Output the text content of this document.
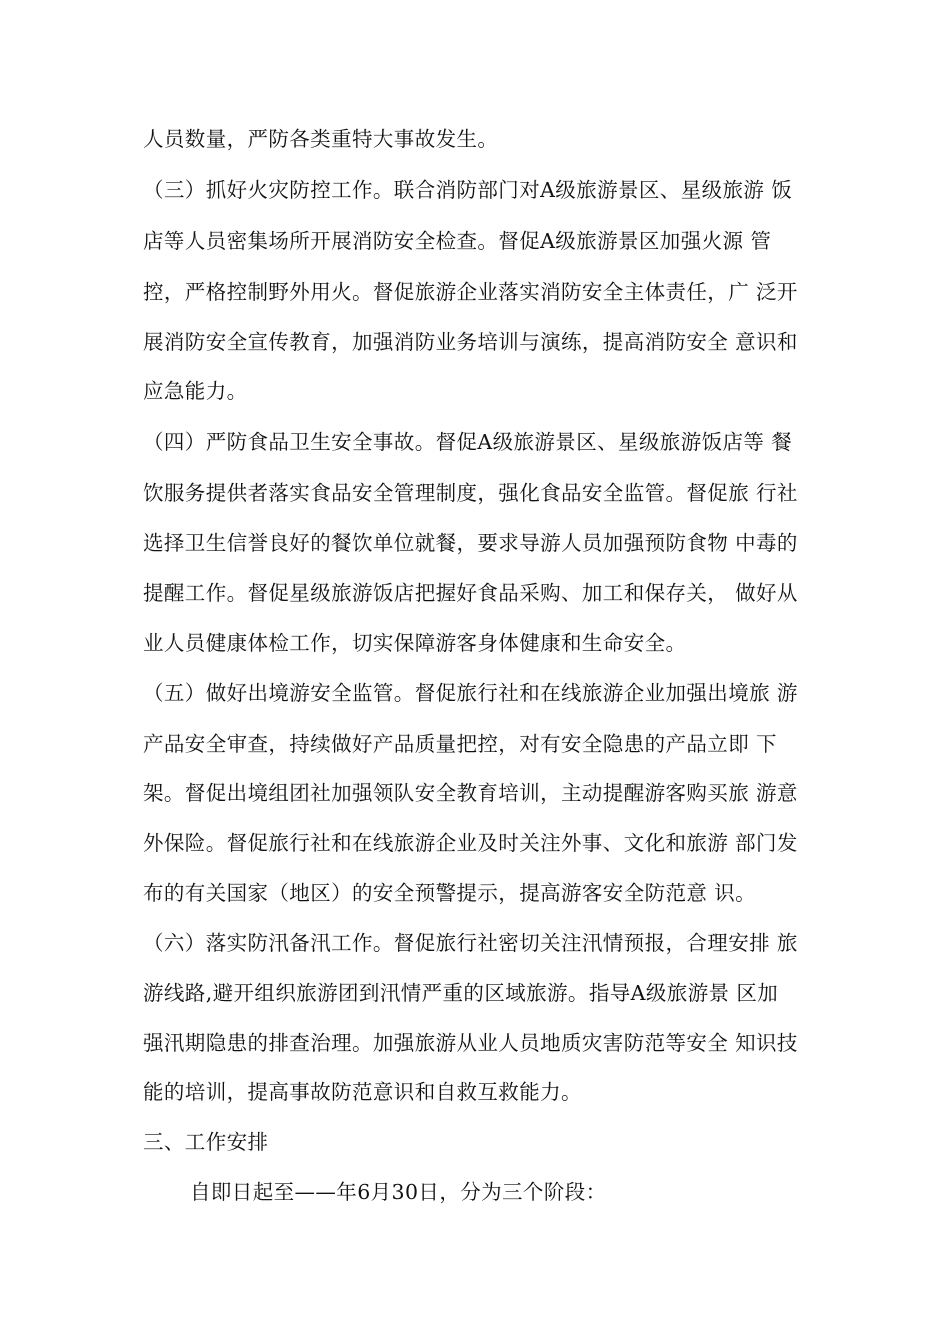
人员数量，严防各类重特大事故发生。
（三）抓好火灾防控工作。联合消防部门对A级旅游景区、星级旅游 饭
店等人员密集场所开展消防安全检查。督促A级旅游景区加强火源 管
控，严格控制野外用火。督促旅游企业落实消防安全主体责任，广 泛开
展消防安全宣传教育，加强消防业务培训与演练，提高消防安全 意识和
应急能力。
（四）严防食品卫生安全事故。督促A级旅游景区、星级旅游饭店等 餐
饮服务提供者落实食品安全管理制度，强化食品安全监管。督促旅 行社
选择卫生信誉良好的餐饮单位就餐，要求导游人员加强预防食物 中毒的
提醒工作。督促星级旅游饭店把握好食品采购、加工和保存关， 做好从
业人员健康体检工作，切实保障游客身体健康和生命安全。
（五）做好出境游安全监管。督促旅行社和在线旅游企业加强出境旅 游
产品安全审查，持续做好产品质量把控，对有安全隐患的产品立即 下
架。督促出境组团社加强领队安全教育培训，主动提醒游客购买旅 游意
外保险。督促旅行社和在线旅游企业及时关注外事、文化和旅游 部门发
布的有关国家（地区）的安全预警提示，提高游客安全防范意 识。
（六）落实防汛备汛工作。督促旅行社密切关注汛情预报，合理安排 旅
游线路,避开组织旅游团到汛情严重的区域旅游。指导A级旅游景 区加
强汛期隐患的排查治理。加强旅游从业人员地质灾害防范等安全 知识技
能的培训，提高事故防范意识和自救互救能力。
三、工作安排
自即日起至——年6月30日，分为三个阶段：
